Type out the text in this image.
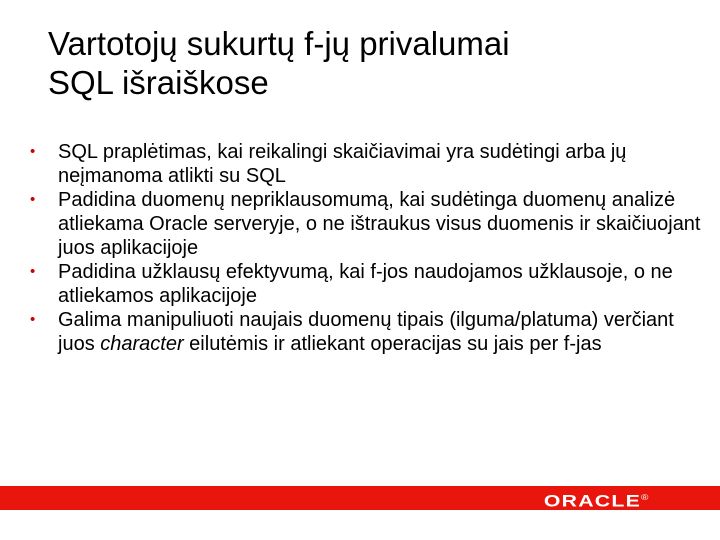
Vartotojų sukurtų f-jų privalumai
SQL išraiškose
• SQL praplėtimas, kai reikalingi skaičiavimai yra sudėtingi arba jų neįmanoma atlikti su SQL
• Padidina duomenų nepriklausomumą, kai sudėtinga duomenų analizė atliekama Oracle serveryje, o ne ištraukus visus duomenis ir skaičiuojant juos aplikacijoje
• Padidina užklausų efektyvumą, kai f-jos naudojamos užklausoje, o ne atliekamos aplikacijoje
• Galima manipuliuoti naujais duomenų tipais (ilguma/platuma) verčiant juos character eilutėmis ir atliekant operacijas su jais per f-jas
ORACLE®
